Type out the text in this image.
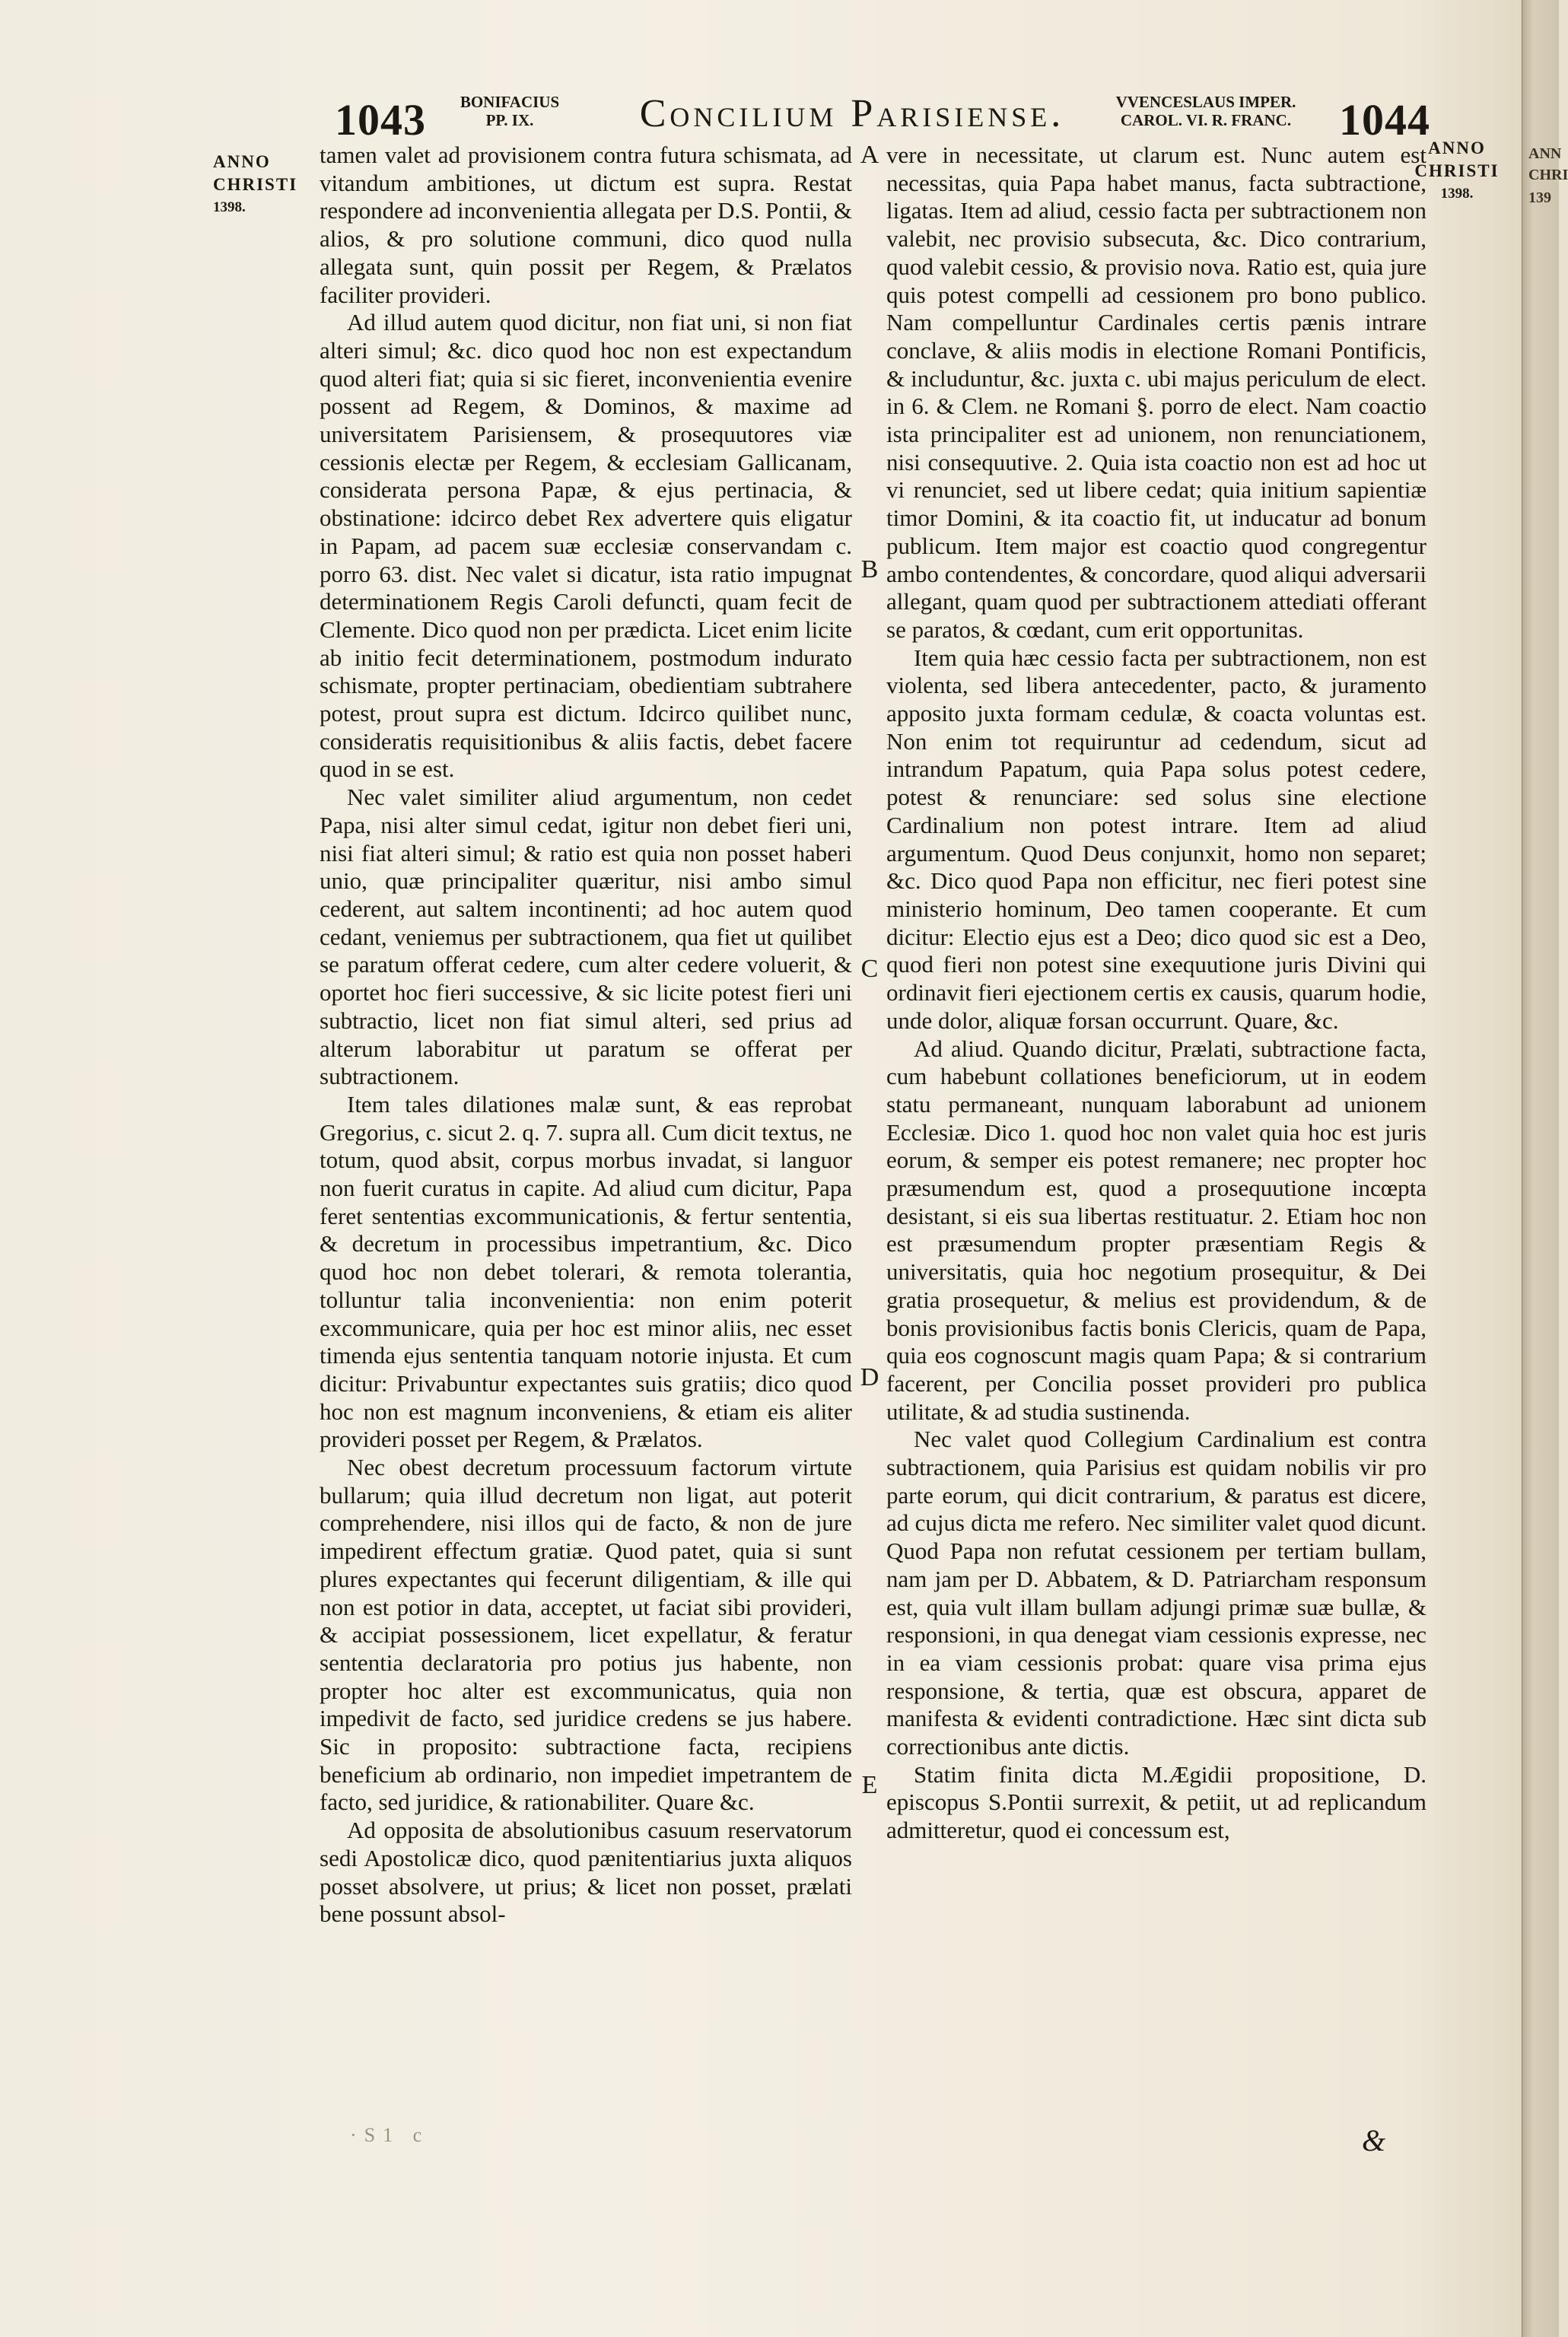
ANN
CHRI
139
1043	BONIFACIUS
PP. IX.	Concilium Parisiense.	VVENCESLAUS IMPER.
CAROL. VI. R. FRANC.	1044
ANNO
CHRISTI
1398.
ANNO
CHRISTI
1398.

tamen valet ad provisionem contra futura schismata, ad vitandum ambitiones, ut dictum est supra. Restat respondere ad inconvenientia allegata per D.S. Pontii, & alios, & pro solutione communi, dico quod nulla allegata sunt, quin possit per Regem, & Prælatos faciliter provideri.

Ad illud autem quod dicitur, non fiat uni, si non fiat alteri simul; &c. dico quod hoc non est expectandum quod alteri fiat; quia si sic fieret, inconvenientia evenire possent ad Regem, & Dominos, & maxime ad universitatem Parisiensem, & prosequutores viæ cessionis electæ per Regem, & ecclesiam Gallicanam, considerata persona Papæ, & ejus pertinacia, & obstinatione: idcirco debet Rex advertere quis eligatur in Papam, ad pacem suæ ecclesiæ conservandam c. porro 63. dist. Nec valet si dicatur, ista ratio impugnat determinationem Regis Caroli defuncti, quam fecit de Clemente. Dico quod non per prædicta. Licet enim licite ab initio fecit determinationem, postmodum indurato schismate, propter pertinaciam, obedientiam subtrahere potest, prout supra est dictum. Idcirco quilibet nunc, consideratis requisitionibus & aliis factis, debet facere quod in se est.

Nec valet similiter aliud argumentum, non cedet Papa, nisi alter simul cedat, igitur non debet fieri uni, nisi fiat alteri simul; & ratio est quia non posset haberi unio, quæ principaliter quæritur, nisi ambo simul cederent, aut saltem incontinenti; ad hoc autem quod cedant, veniemus per subtractionem, qua fiet ut quilibet se paratum offerat cedere, cum alter cedere voluerit, & oportet hoc fieri successive, & sic licite potest fieri uni subtractio, licet non fiat simul alteri, sed prius ad alterum laborabitur ut paratum se offerat per subtractionem.

Item tales dilationes malæ sunt, & eas reprobat Gregorius, c. sicut 2. q. 7. supra all. Cum dicit textus, ne totum, quod absit, corpus morbus invadat, si languor non fuerit curatus in capite. Ad aliud cum dicitur, Papa feret sententias excommunicationis, & fertur sententia, & decretum in processibus impetrantium, &c. Dico quod hoc non debet tolerari, & remota tolerantia, tolluntur talia inconvenientia: non enim poterit excommunicare, quia per hoc est minor aliis, nec esset timenda ejus sententia tanquam notorie injusta. Et cum dicitur: Privabuntur expectantes suis gratiis; dico quod hoc non est magnum inconveniens, & etiam eis aliter provideri posset per Regem, & Prælatos.

Nec obest decretum processuum factorum virtute bullarum; quia illud decretum non ligat, aut poterit comprehendere, nisi illos qui de facto, & non de jure impedirent effectum gratiæ. Quod patet, quia si sunt plures expectantes qui fecerunt diligentiam, & ille qui non est potior in data, acceptet, ut faciat sibi provideri, & accipiat possessionem, licet expellatur, & feratur sententia declaratoria pro potius jus habente, non propter hoc alter est excommunicatus, quia non impedivit de facto, sed juridice credens se jus habere. Sic in proposito: subtractione facta, recipiens beneficium ab ordinario, non impediet impetrantem de facto, sed juridice, & rationabiliter. Quare &c.

Ad opposita de absolutionibus casuum reservatorum sedi Apostolicæ dico, quod pænitentiarius juxta aliquos posset absolvere, ut prius; & licet non posset, prælati bene possunt absol-

A
B
C
D
E

vere in necessitate, ut clarum est. Nunc autem est necessitas, quia Papa habet manus, facta subtractione, ligatas. Item ad aliud, cessio facta per subtractionem non valebit, nec provisio subsecuta, &c. Dico contrarium, quod valebit cessio, & provisio nova. Ratio est, quia jure quis potest compelli ad cessionem pro bono publico. Nam compelluntur Cardinales certis pænis intrare conclave, & aliis modis in electione Romani Pontificis, & includuntur, &c. juxta c. ubi majus periculum de elect. in 6. & Clem. ne Romani §. porro de elect. Nam coactio ista principaliter est ad unionem, non renunciationem, nisi consequutive. 2. Quia ista coactio non est ad hoc ut vi renunciet, sed ut libere cedat; quia initium sapientiæ timor Domini, & ita coactio fit, ut inducatur ad bonum publicum. Item major est coactio quod congregentur ambo contendentes, & concordare, quod aliqui adversarii allegant, quam quod per subtractionem attediati offerant se paratos, & cœdant, cum erit opportunitas.

Item quia hæc cessio facta per subtractionem, non est violenta, sed libera antecedenter, pacto, & juramento apposito juxta formam cedulæ, & coacta voluntas est. Non enim tot requiruntur ad cedendum, sicut ad intrandum Papatum, quia Papa solus potest cedere, potest & renunciare: sed solus sine electione Cardinalium non potest intrare. Item ad aliud argumentum. Quod Deus conjunxit, homo non separet; &c. Dico quod Papa non efficitur, nec fieri potest sine ministerio hominum, Deo tamen cooperante. Et cum dicitur: Electio ejus est a Deo; dico quod sic est a Deo, quod fieri non potest sine exequutione juris Divini qui ordinavit fieri ejectionem certis ex causis, quarum hodie, unde dolor, aliquæ forsan occurrunt. Quare, &c.

Ad aliud. Quando dicitur, Prælati, subtractione facta, cum habebunt collationes beneficiorum, ut in eodem statu permaneant, nunquam laborabunt ad unionem Ecclesiæ. Dico 1. quod hoc non valet quia hoc est juris eorum, & semper eis potest remanere; nec propter hoc præsumendum est, quod a prosequutione incœpta desistant, si eis sua libertas restituatur. 2. Etiam hoc non est præsumendum propter præsentiam Regis & universitatis, quia hoc negotium prosequitur, & Dei gratia prosequetur, & melius est providendum, & de bonis provisionibus factis bonis Clericis, quam de Papa, quia eos cognoscunt magis quam Papa; & si contrarium facerent, per Concilia posset provideri pro publica utilitate, & ad studia sustinenda.

Nec valet quod Collegium Cardinalium est contra subtractionem, quia Parisius est quidam nobilis vir pro parte eorum, qui dicit contrarium, & paratus est dicere, ad cujus dicta me refero. Nec similiter valet quod dicunt. Quod Papa non refutat cessionem per tertiam bullam, nam jam per D. Abbatem, & D. Patriarcham responsum est, quia vult illam bullam adjungi primæ suæ bullæ, & responsioni, in qua denegat viam cessionis expresse, nec in ea viam cessionis probat: quare visa prima ejus responsione, & tertia, quæ est obscura, apparet de manifesta & evidenti contradictione. Hæc sint dicta sub correctionibus ante dictis.

Statim finita dicta M.Ægidii propositione, D. episcopus S.Pontii surrexit, & petiit, ut ad replicandum admitteretur, quod ei concessum est,

·S1 c	&
